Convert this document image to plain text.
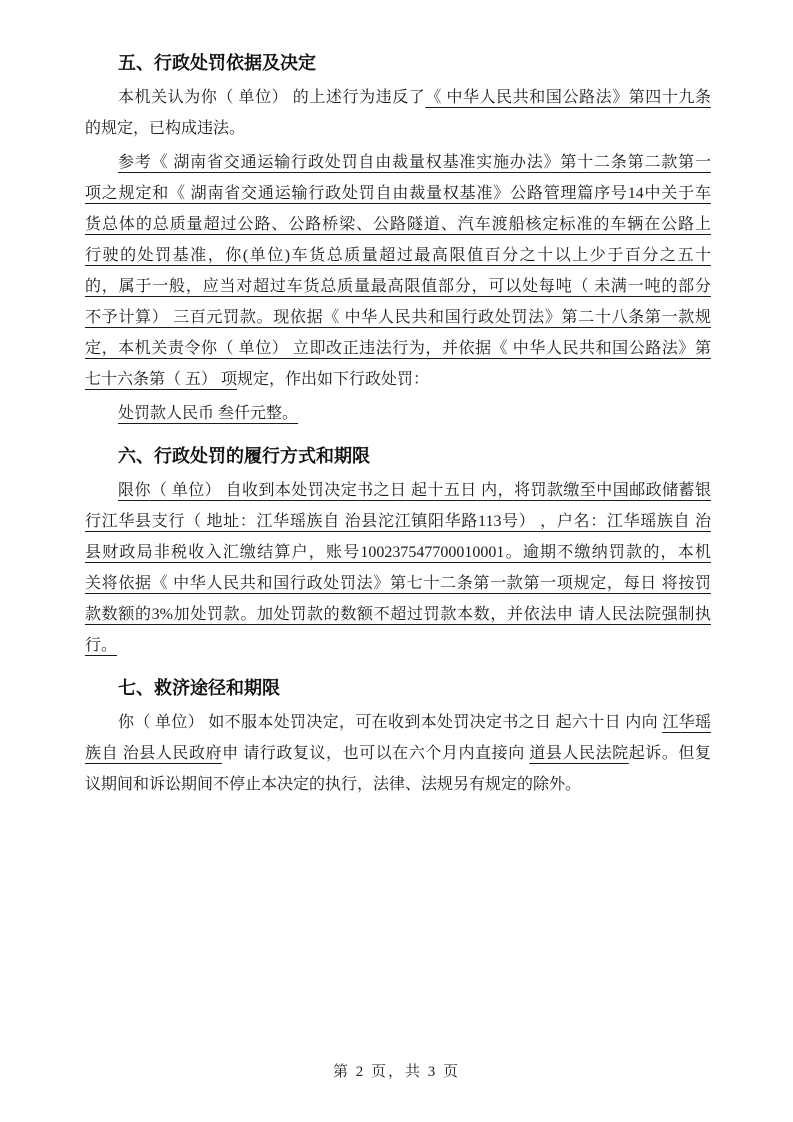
五、行政处罚依据及决定
本机关认为你（ 单位） 的上述行为违反了《 中华人民共和国公路法》第四十九条
的规定，已构成违法。
参考《 湖南省交通运输行政处罚自由裁量权基准实施办法》第十二条第二款第一
项之规定和《 湖南省交通运输行政处罚自由裁量权基准》公路管理篇序号14中关于车
货总体的总质量超过公路、公路桥梁、公路隧道、汽车渡船核定标准的车辆在公路上
行驶的处罚基准，你(单位)车货总质量超过最高限值百分之十以上少于百分之五十
的，属于一般，应当对超过车货总质量最高限值部分，可以处每吨（ 未满一吨的部分
不予计算） 三百元罚款。现依据《 中华人民共和国行政处罚法》第二十八条第一款规
定，本机关责令你（ 单位） 立即改正违法行为，并依据《 中华人民共和国公路法》第
七十六条第（ 五） 项规定，作出如下行政处罚：
处罚款人民币 叁仟元整。
六、行政处罚的履行方式和期限
限你（ 单位） 自收到本处罚决定书之日 起十五日 内，将罚款缴至中国邮政储蓄银
行江华县支行（ 地址：江华瑶族自 治县沱江镇阳华路113号） ，户名：江华瑶族自 治
县财政局非税收入汇缴结算户，账号100237547700010001。逾期不缴纳罚款的，本机
关将依据《 中华人民共和国行政处罚法》第七十二条第一款第一项规定，每日 将按罚
款数额的3%加处罚款。加处罚款的数额不超过罚款本数，并依法申 请人民法院强制执
行。
七、救济途径和期限
你（ 单位） 如不服本处罚决定，可在收到本处罚决定书之日 起六十日 内向 江华瑶
族自 治县人民政府申 请行政复议，也可以在六个月内直接向 道县人民法院起诉。但复
议期间和诉讼期间不停止本决定的执行，法律、法规另有规定的除外。
第 2 页，共 3 页
